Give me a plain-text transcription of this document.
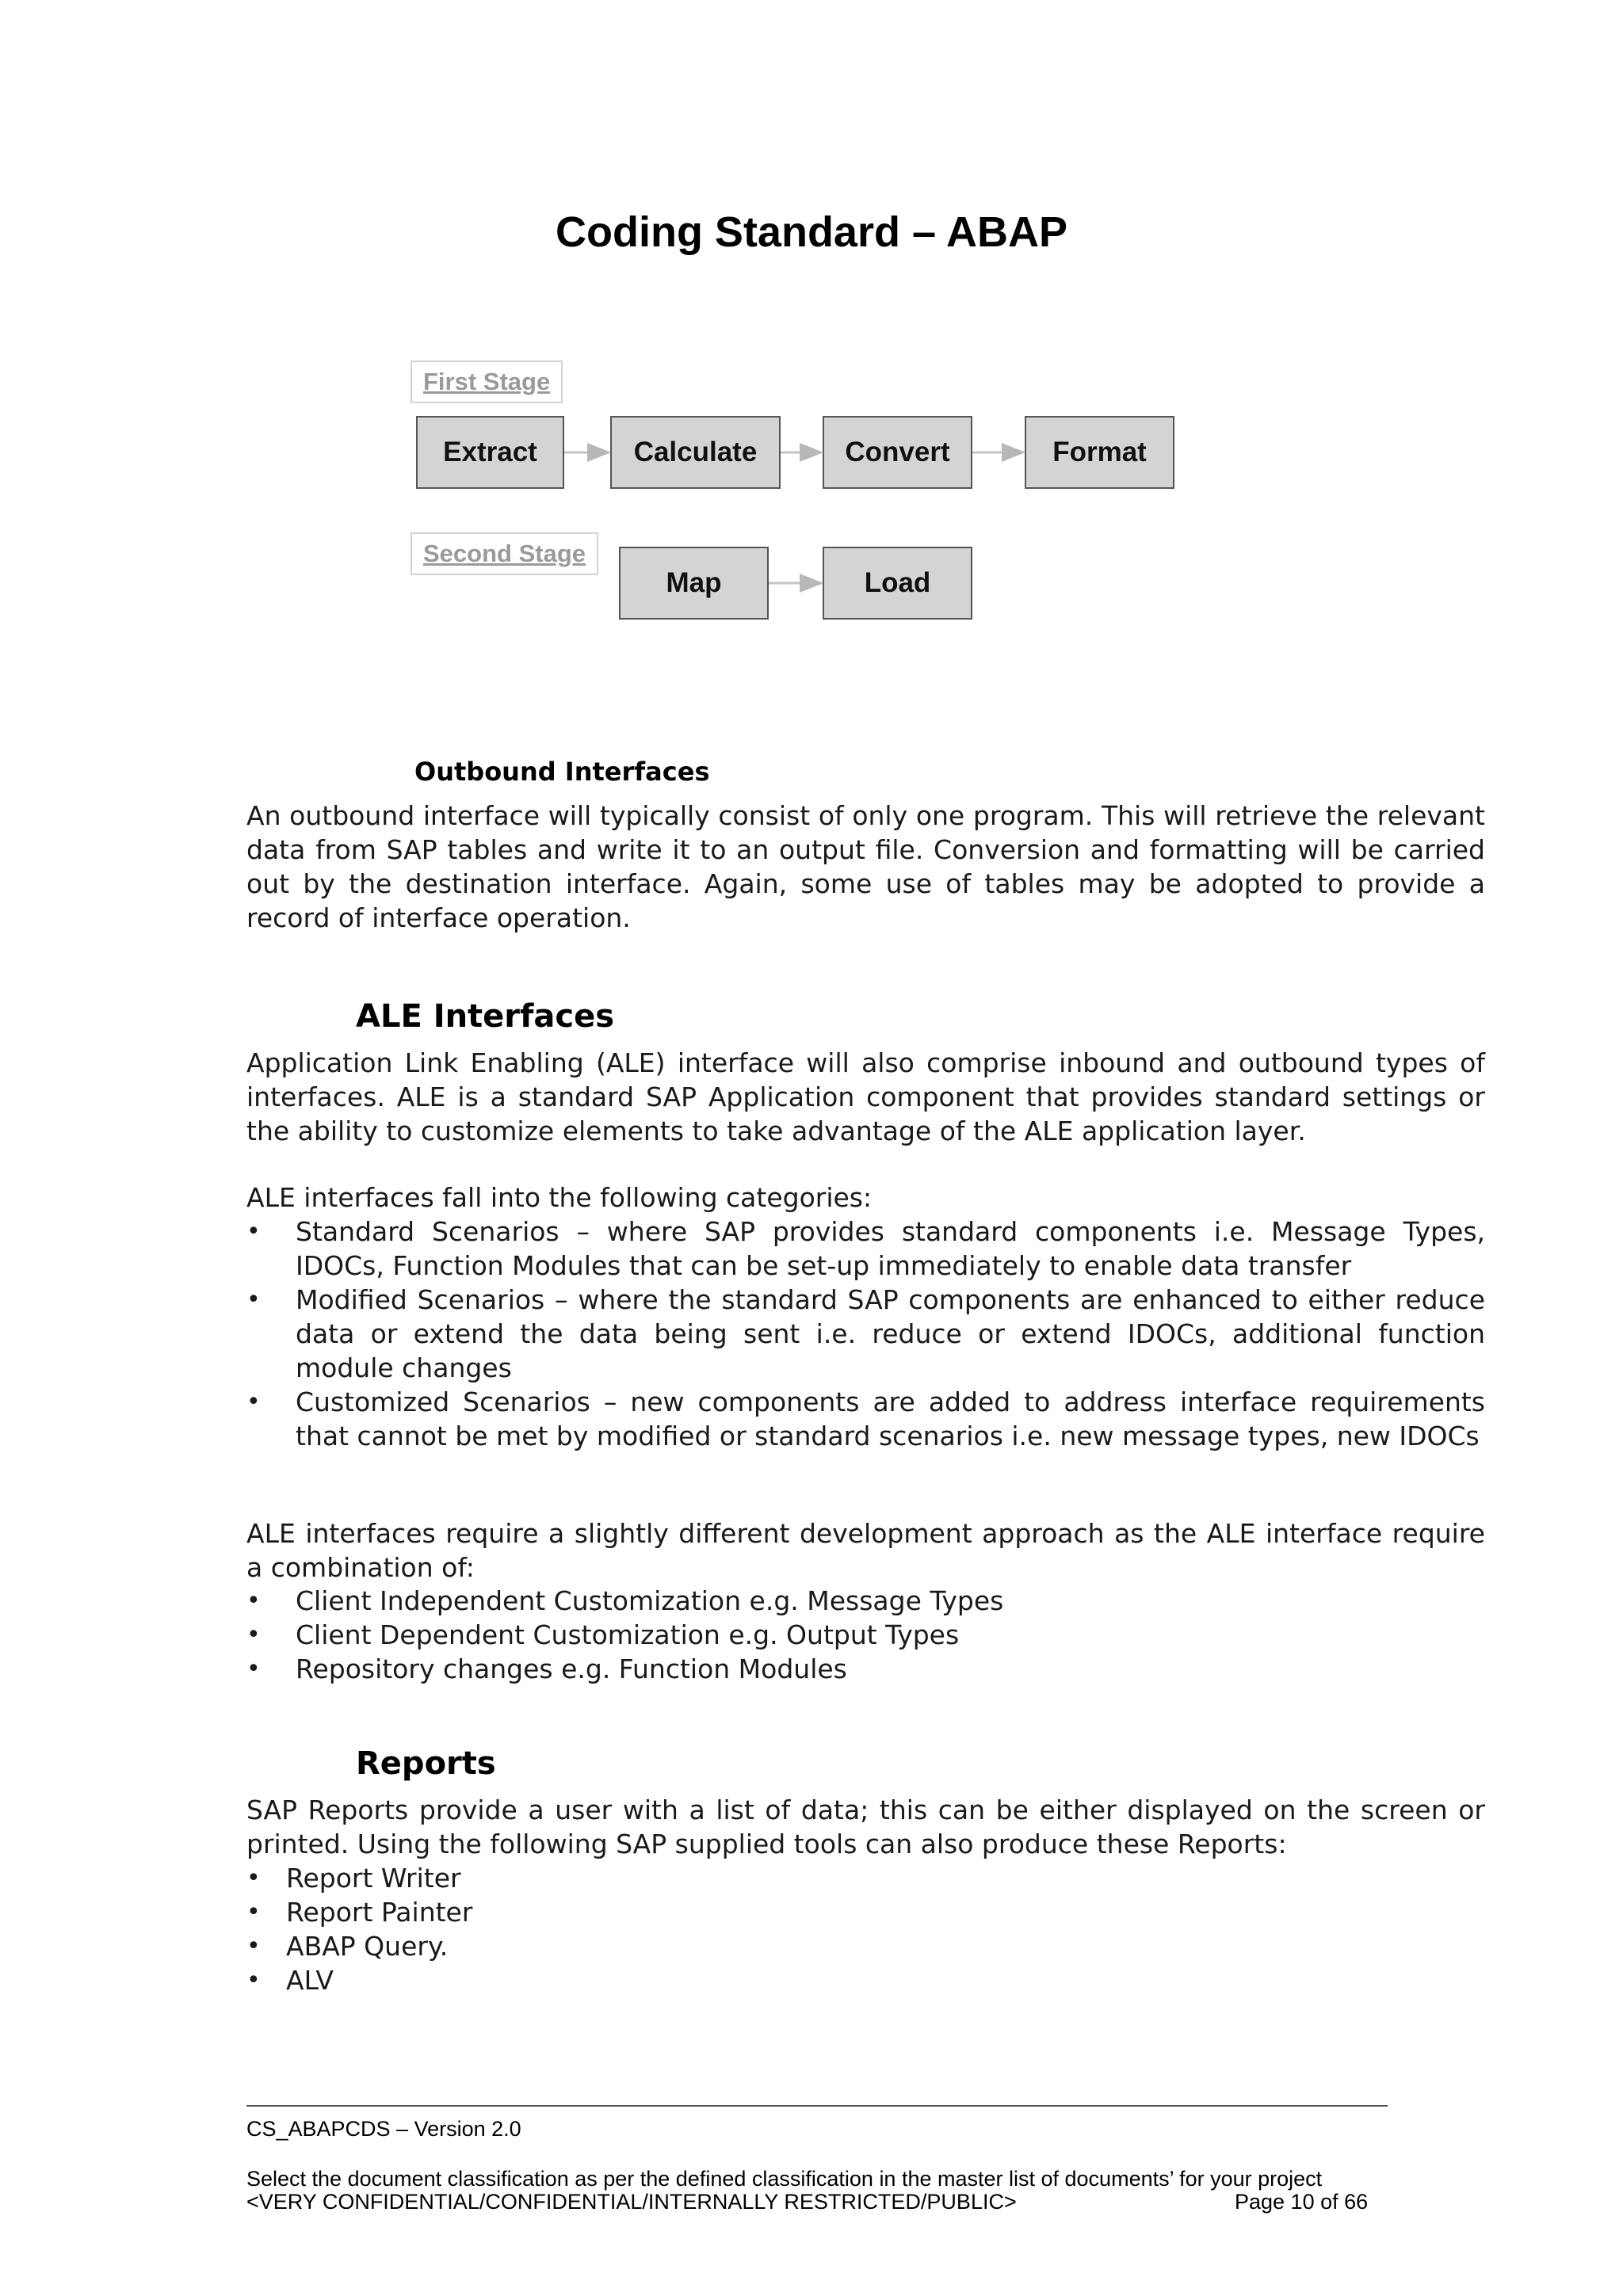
Coding Standard – ABAP
First Stage
Extract	Calculate	Convert	Format
Second Stage
Map	Load
Outbound Interfaces
An outbound interface will typically consist of only one program. This will retrieve the relevant data from SAP tables and write it to an output file. Conversion and formatting will be carried out by the destination interface. Again, some use of tables may be adopted to provide a record of interface operation.
ALE Interfaces
Application Link Enabling (ALE) interface will also comprise inbound and outbound types of interfaces. ALE is a standard SAP Application component that provides standard settings or the ability to customize elements to take advantage of the ALE application layer.
ALE interfaces fall into the following categories:
• Standard Scenarios – where SAP provides standard components i.e. Message Types, IDOCs, Function Modules that can be set-up immediately to enable data transfer
• Modified Scenarios – where the standard SAP components are enhanced to either reduce data or extend the data being sent i.e. reduce or extend IDOCs, additional function module changes
• Customized Scenarios – new components are added to address interface requirements that cannot be met by modified or standard scenarios i.e. new message types, new IDOCs
ALE interfaces require a slightly different development approach as the ALE interface require a combination of:
• Client Independent Customization e.g. Message Types
• Client Dependent Customization e.g. Output Types
• Repository changes e.g. Function Modules
Reports
SAP Reports provide a user with a list of data; this can be either displayed on the screen or printed. Using the following SAP supplied tools can also produce these Reports:
• Report Writer
• Report Painter
• ABAP Query.
• ALV
CS_ABAPCDS – Version 2.0
Select the document classification as per the defined classification in the master list of documents’ for your project
<VERY CONFIDENTIAL/CONFIDENTIAL/INTERNALLY RESTRICTED/PUBLIC>	Page 10 of 66
